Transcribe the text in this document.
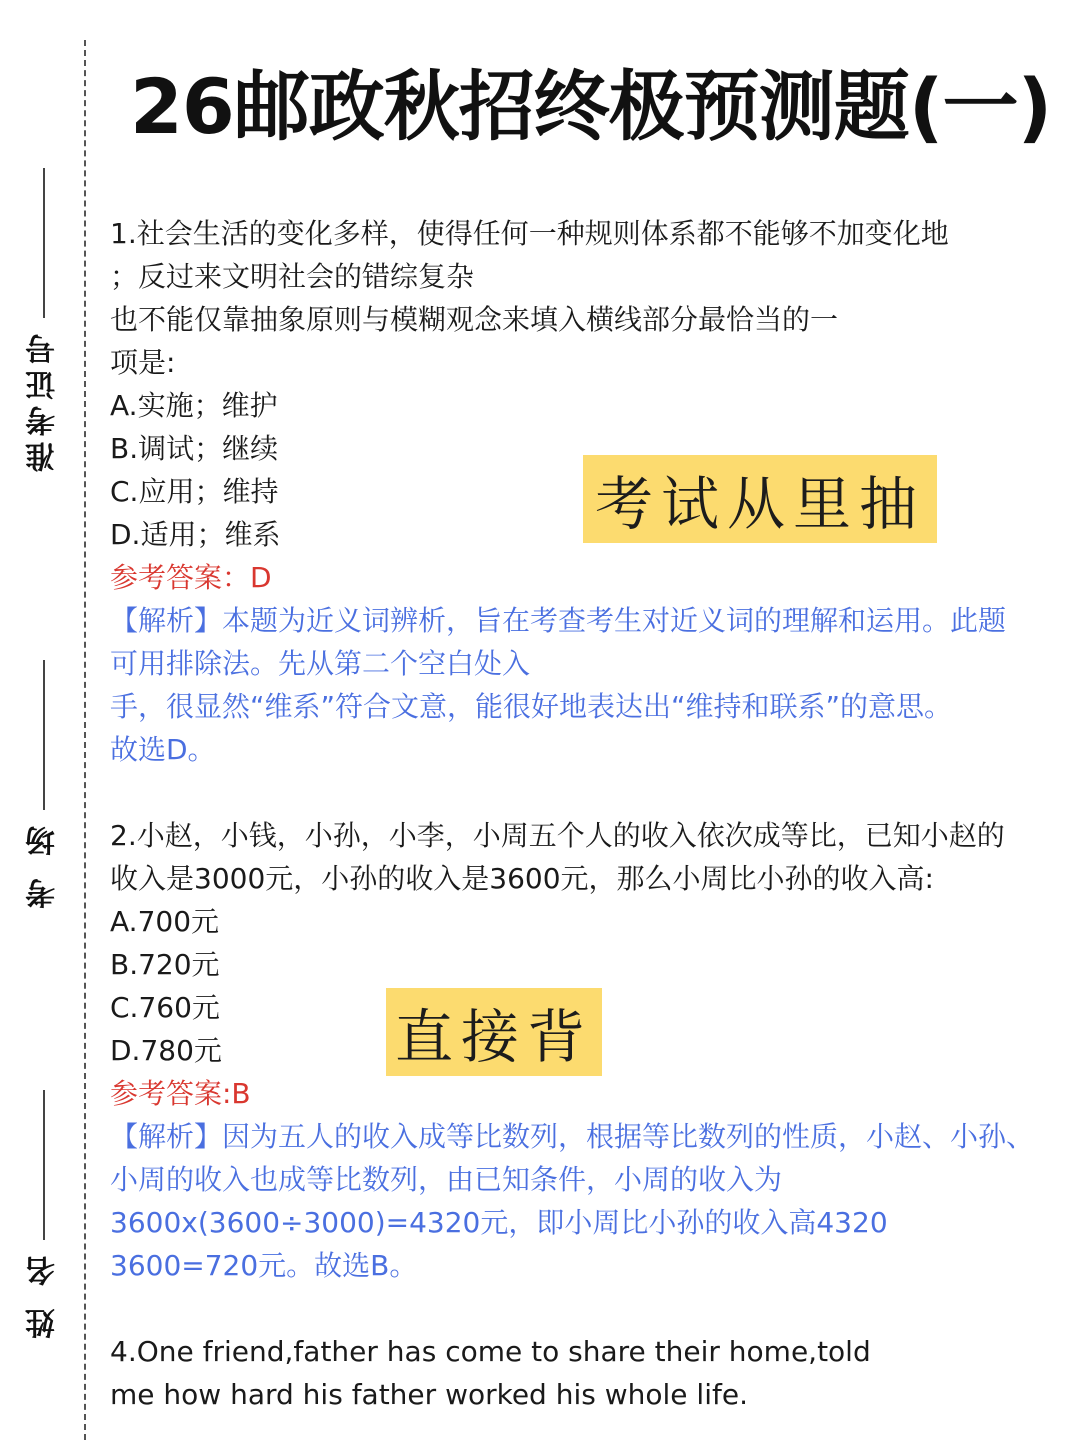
准考证号
考 场
姓 名
26邮政秋招终极预测题(一)

1.社会生活的变化多样，使得任何一种规则体系都不能够不加变化地

；反过来文明社会的错综复杂

也不能仅靠抽象原则与模糊观念来填入横线部分最恰当的一

项是:

A.实施；维护

B.调试；继续

C.应用；维持

D.适用；维系

参考答案：D

【解析】本题为近义词辨析，旨在考查考生对近义词的理解和运用。此题

可用排除法。先从第二个空白处入

手，很显然“维系”符合文意，能很好地表达出“维持和联系”的意思。

故选D。

2.小赵，小钱，小孙，小李，小周五个人的收入依次成等比，已知小赵的

收入是3000元，小孙的收入是3600元，那么小周比小孙的收入高:

A.700元

B.720元

C.760元

D.780元

参考答案:B

【解析】因为五人的收入成等比数列，根据等比数列的性质，小赵、小孙、

小周的收入也成等比数列，由已知条件，小周的收入为

3600x(3600÷3000)=4320元，即小周比小孙的收入高4320

3600=720元。故选B。

4.One friend,father has come to share their home,told

me how hard his father worked his whole life.

考试从里抽
直接背
